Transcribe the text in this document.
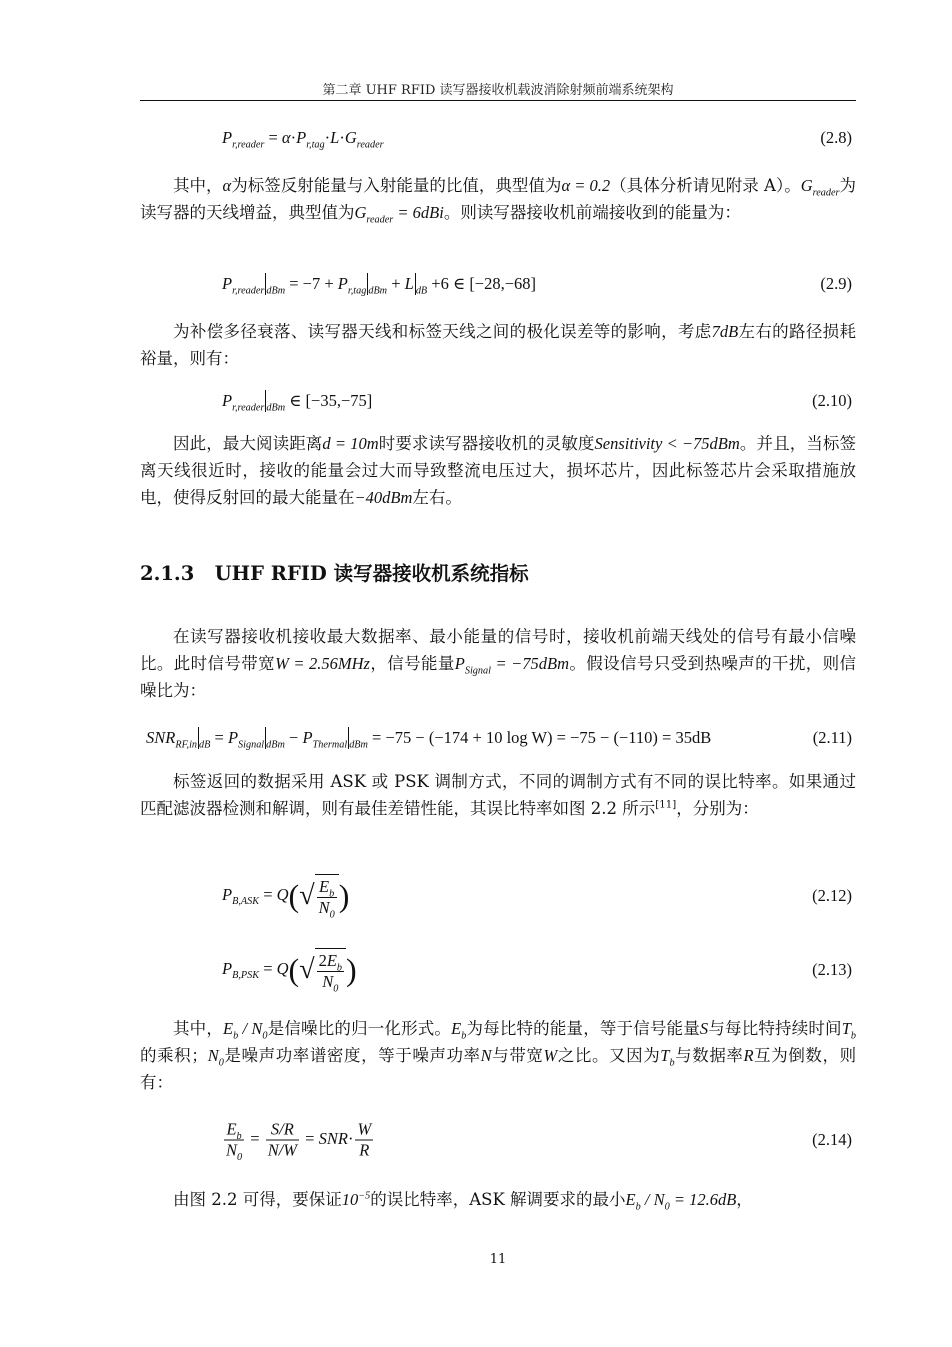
第二章 UHF RFID 读写器接收机载波消除射频前端系统架构
$P_{r,reader} = \alpha\cdot P_{r,tag}\cdot L\cdot G_{reader}$	(2.8)

其中，α为标签反射能量与入射能量的比值，典型值为α = 0.2（具体分析请见附录 A）。$G_{reader}$为读写器的天线增益，典型值为$G_{reader} = 6dBi$。则读写器接收机前端接收到的能量为：

$P_{r,reader}$ $_{dBm} = -7 + P_{r,tag}$ $_{dBm}$ + L $_{dB}$ +6 ∈ [−28,−68]	(2.9)

为补偿多径衰落、读写器天线和标签天线之间的极化误差等的影响，考虑7dB左右的路径损耗裕量，则有：

$P_{r,reader}$ $_{dBm}$ ∈ [−35,−75]	(2.10)

因此，最大阅读距离d = 10m时要求读写器接收机的灵敏度Sensitivity < −75dBm。并且，当标签离天线很近时，接收的能量会过大而导致整流电压过大，损坏芯片，因此标签芯片会采取措施放电，使得反射回的最大能量在−40dBm左右。

2.1.3 UHF RFID 读写器接收机系统指标

在读写器接收机接收最大数据率、最小能量的信号时，接收机前端天线处的信号有最小信噪比。此时信号带宽W = 2.56MHz，信号能量$P_{Signal} = -75dBm$。假设信号只受到热噪声的干扰，则信噪比为：

$SNR_{RF,in}$ $_{dB} = P_{Signal}$ $_{dBm} - P_{Thermal}$ $_{dBm}$ = −75 − (−174 + 10 log W) = −75 − (−110) = 35dB	(2.11)

标签返回的数据采用 ASK 或 PSK 调制方式，不同的调制方式有不同的误比特率。如果通过匹配滤波器检测和解调，则有最佳差错性能，其误比特率如图 2.2 所示[11]，分别为：

$P_{B,ASK} = Q(√ \frac{E_b}{N_0}$ )	(2.12)
$P_{B,PSK} = Q(√ \frac{2E_b}{N_0}$ )	(2.13)

其中，$E_b / N_0$是信噪比的归一化形式。$E_b$为每比特的能量，等于信号能量S与每比特持续时间$T_b$的乘积；$N_0$是噪声功率谱密度，等于噪声功率N与带宽W之比。又因为$T_b$与数据率R互为倒数，则有：

$\frac{E_b}{N_0} = \frac{S/R}{N/W} = SNR\cdot \frac{W}{R}$	(2.14)

由图 2.2 可得，要保证$10^{-5}$的误比特率，ASK 解调要求的最小$E_b / N_0 = 12.6dB$，

11
